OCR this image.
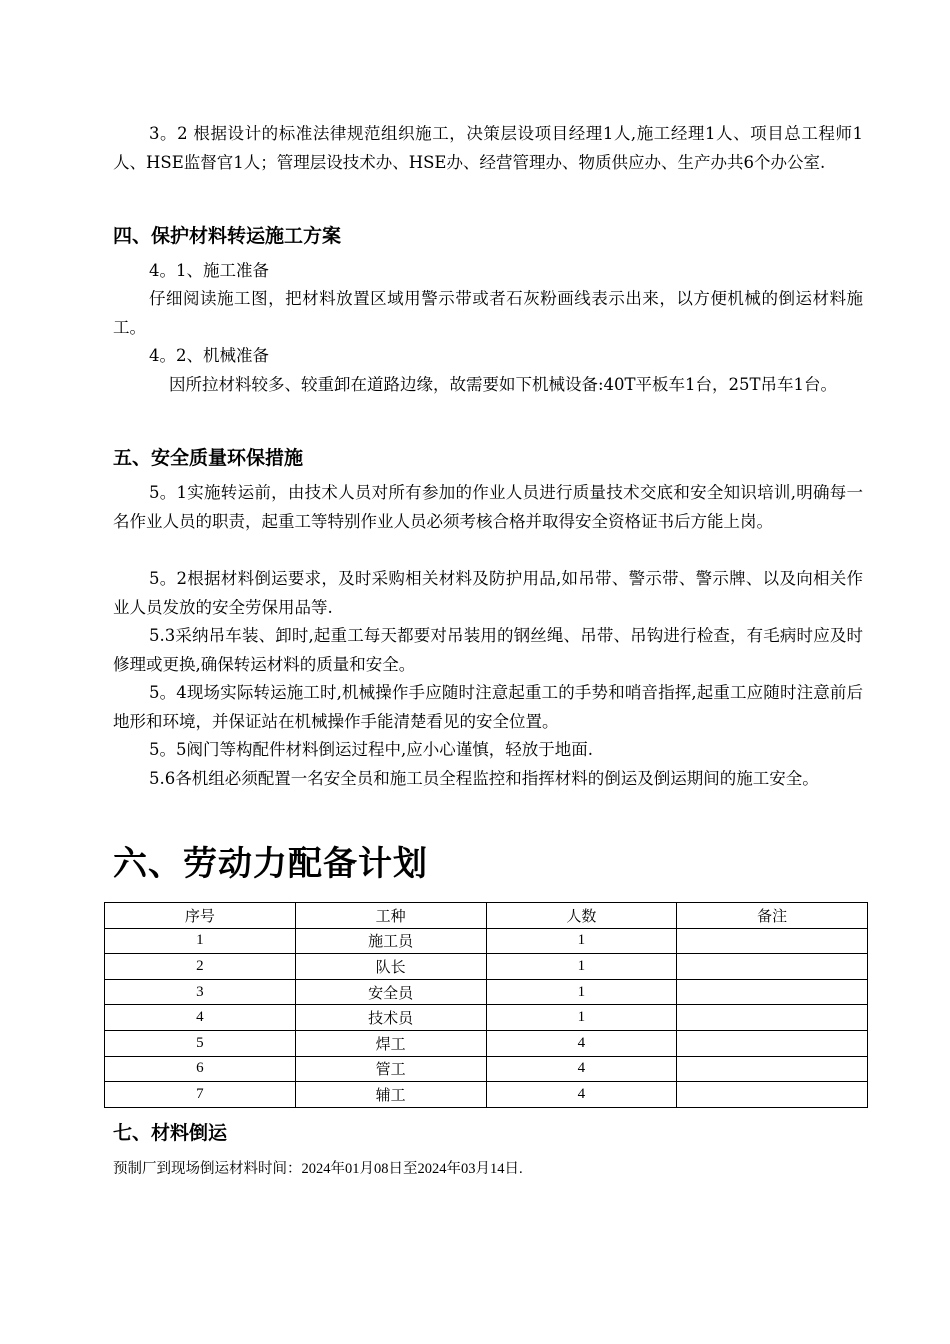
3。2 根据设计的标准法律规范组织施工，决策层设项目经理1人,施工经理1人、项目总工程师1人、HSE监督官1人；管理层设技术办、HSE办、经营管理办、物质供应办、生产办共6个办公室.

四、保护材料转运施工方案

4。1、施工准备

仔细阅读施工图，把材料放置区域用警示带或者石灰粉画线表示出来，以方便机械的倒运材料施工。

4。2、机械准备

因所拉材料较多、较重卸在道路边缘，故需要如下机械设备:40T平板车1台，25T吊车1台。

五、安全质量环保措施

5。1实施转运前，由技术人员对所有参加的作业人员进行质量技术交底和安全知识培训,明确每一名作业人员的职责，起重工等特别作业人员必须考核合格并取得安全资格证书后方能上岗。

5。2根据材料倒运要求，及时采购相关材料及防护用品,如吊带、警示带、警示牌、以及向相关作业人员发放的安全劳保用品等.

5.3采纳吊车装、卸时,起重工每天都要对吊装用的钢丝绳、吊带、吊钩进行检查，有毛病时应及时修理或更换,确保转运材料的质量和安全。

5。4现场实际转运施工时,机械操作手应随时注意起重工的手势和哨音指挥,起重工应随时注意前后地形和环境，并保证站在机械操作手能清楚看见的安全位置。

5。5阀门等构配件材料倒运过程中,应小心谨慎，轻放于地面.

5.6各机组必须配置一名安全员和施工员全程监控和指挥材料的倒运及倒运期间的施工安全。

六、劳动力配备计划
序号	工种	人数	备注
1	施工员	1	
2	队长	1	
3	安全员	1	
4	技术员	1	
5	焊工	4	
6	管工	4	
7	辅工	4	
七、材料倒运

预制厂到现场倒运材料时间：2024年01月08日至2024年03月14日.
